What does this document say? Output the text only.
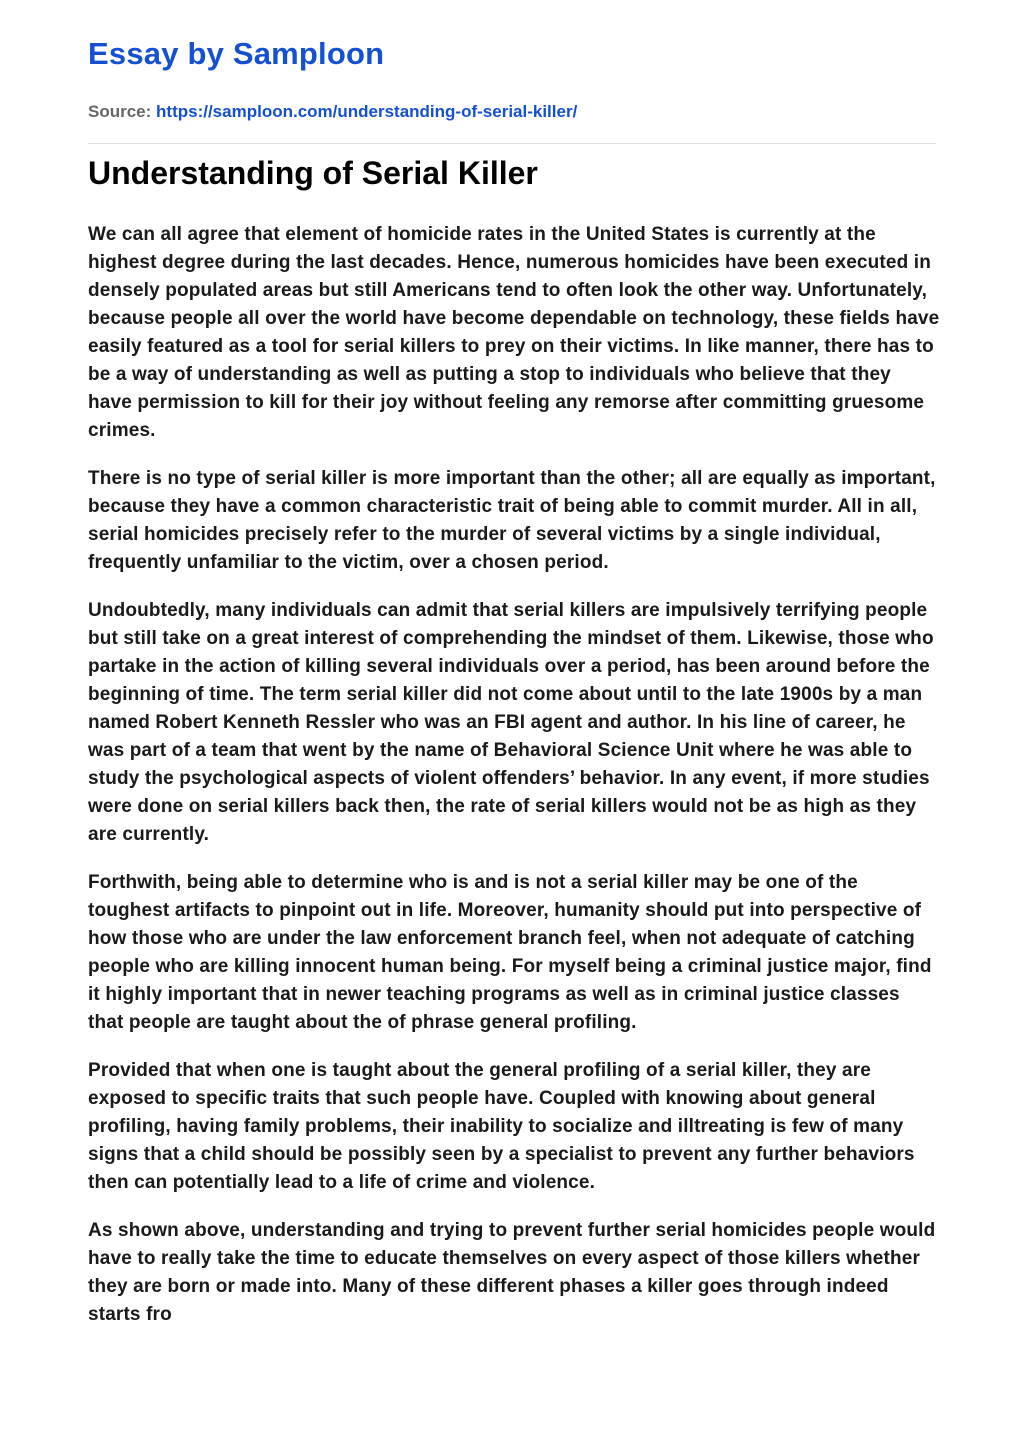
Essay by Samploon
Source: https://samploon.com/understanding-of-serial-killer/
Understanding of Serial Killer

We can all agree that element of homicide rates in the United States is currently at the highest degree during the last decades. Hence, numerous homicides have been executed in densely populated areas but still Americans tend to often look the other way. Unfortunately, because people all over the world have become dependable on technology, these fields have easily featured as a tool for serial killers to prey on their victims. In like manner, there has to be a way of understanding as well as putting a stop to individuals who believe that they have permission to kill for their joy without feeling any remorse after committing gruesome crimes.

There is no type of serial killer is more important than the other; all are equally as important, because they have a common characteristic trait of being able to commit murder. All in all, serial homicides precisely refer to the murder of several victims by a single individual, frequently unfamiliar to the victim, over a chosen period.

Undoubtedly, many individuals can admit that serial killers are impulsively terrifying people but still take on a great interest of comprehending the mindset of them. Likewise, those who partake in the action of killing several individuals over a period, has been around before the beginning of time. The term serial killer did not come about until to the late 1900s by a man named Robert Kenneth Ressler who was an FBI agent and author. In his line of career, he was part of a team that went by the name of Behavioral Science Unit where he was able to study the psychological aspects of violent offenders’ behavior. In any event, if more studies were done on serial killers back then, the rate of serial killers would not be as high as they are currently.

Forthwith, being able to determine who is and is not a serial killer may be one of the toughest artifacts to pinpoint out in life. Moreover, humanity should put into perspective of how those who are under the law enforcement branch feel, when not adequate of catching people who are killing innocent human being. For myself being a criminal justice major, find it highly important that in newer teaching programs as well as in criminal justice classes that people are taught about the of phrase general profiling.

Provided that when one is taught about the general profiling of a serial killer, they are exposed to specific traits that such people have. Coupled with knowing about general profiling, having family problems, their inability to socialize and illtreating is few of many signs that a child should be possibly seen by a specialist to prevent any further behaviors then can potentially lead to a life of crime and violence.

As shown above, understanding and trying to prevent further serial homicides people would have to really take the time to educate themselves on every aspect of those killers whether they are born or made into. Many of these different phases a killer goes through indeed starts fro
